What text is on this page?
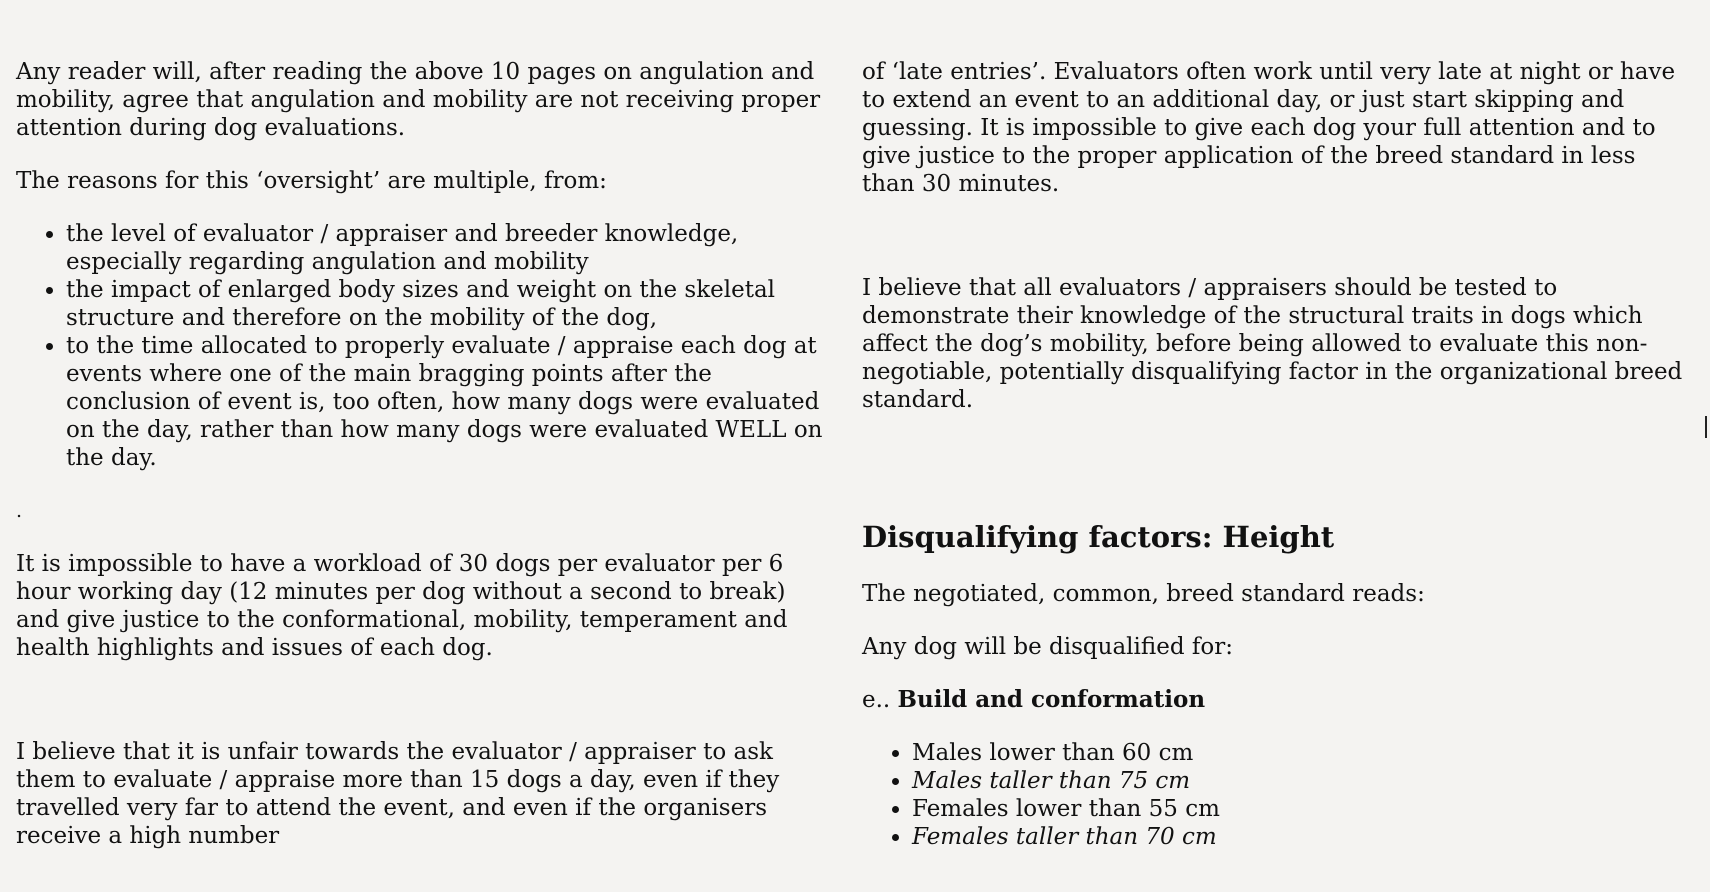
Any reader will, after reading the above 10 pages on angulation and mobility, agree that angulation and mobility are not receiving proper attention during dog evaluations.

The reasons for this ‘oversight’ are multiple, from:

• the level of evaluator / appraiser and breeder knowledge, especially regarding angulation and mobility
• the impact of enlarged body sizes and weight on the skeletal structure and therefore on the mobility of the dog,
• to the time allocated to properly evaluate / appraise each dog at events where one of the main bragging points after the conclusion of event is, too often, how many dogs were evaluated on the day, rather than how many dogs were evaluated WELL on the day.

.

It is impossible to have a workload of 30 dogs per evaluator per 6 hour working day (12 minutes per dog without a second to break) and give justice to the conformational, mobility, temperament and health highlights and issues of each dog.

I believe that it is unfair towards the evaluator / appraiser to ask them to evaluate / appraise more than 15 dogs a day, even if they travelled very far to attend the event, and even if the organisers receive a high number

of ‘late entries’. Evaluators often work until very late at night or have to extend an event to an additional day, or just start skipping and guessing. It is impossible to give each dog your full attention and to give justice to the proper application of the breed standard in less than 30 minutes.

I believe that all evaluators / appraisers should be tested to demonstrate their knowledge of the structural traits in dogs which affect the dog’s mobility, before being allowed to evaluate this non-negotiable, potentially disqualifying factor in the organizational breed standard.

Disqualifying factors: Height

The negotiated, common, breed standard reads:

Any dog will be disqualified for:

e.. Build and conformation

• Males lower than 60 cm
• Males taller than 75 cm
• Females lower than 55 cm
• Females taller than 70 cm
